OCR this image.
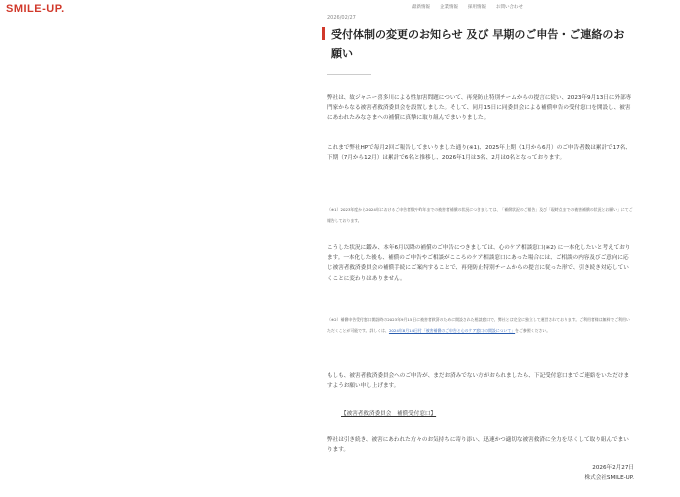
SMILE-UP.	最新情報 企業情報 採用情報 お問い合わせ
2026/02/27
受付体制の変更のお知らせ 及び 早期のご申告・ご連絡のお願い

弊社は、故ジャニー喜多川による性加害問題について、再発防止特別チームからの提言に従い、2023年9月13日に外部専門家からなる被害者救済委員会を設置しました。そして、同月15日に同委員会による補償申告の受付窓口を開設し、被害にあわれたみなさまへの補償に真摯に取り組んでまいりました。

これまで弊社HPで毎月2回ご報告してまいりました通り(※1)、2025年上期（1月から6月）のご申告者数は累計で17名、下期（7月から12月）は累計で6名と推移し、2026年1月は3名、2月は0名となっております。

（※1）2023年度から2024年におけるご申告者数や昨年までの被害者補償の状況につきましては、「補償状況のご報告」及び「現時点までの被害補償の状況とお願い」にてご報告しております。

こうした状況に鑑み、本年6月以降の補償のご申告につきましては、心のケア相談窓口(※2) に一本化したいと考えております。一本化した後も、補償のご申告やご相談がこころのケア相談窓口にあった場合には、ご相談の内容及びご意向に応じ被害者救済委員会の補償手続にご案内することで、再発防止特別チームからの提言に従った形で、引き続き対応していくことに変わりはありません。

（※2）補償申告受付窓口開設時の2023年9月15日に被害者救済のために開設された相談窓口で、弊社とは完全に独立して運営されております。ご利用者様は無料でご利用いただくことが可能です。詳しくは、2024年8月14日付「被害補償のご申告と心のケア窓口の開設について」をご参照ください。

もしも、被害者救済委員会へのご申告が、まだお済みでない方がおられましたら、下記受付窓口までご連絡をいただけますようお願い申し上げます。

【被害者救済委員会　補償受付窓口】

弊社は引き続き、被害にあわれた方々のお気持ちに寄り添い、迅速かつ適切な被害救済に全力を尽くして取り組んでまいります。

2026年2月27日
株式会社SMILE-UP.
